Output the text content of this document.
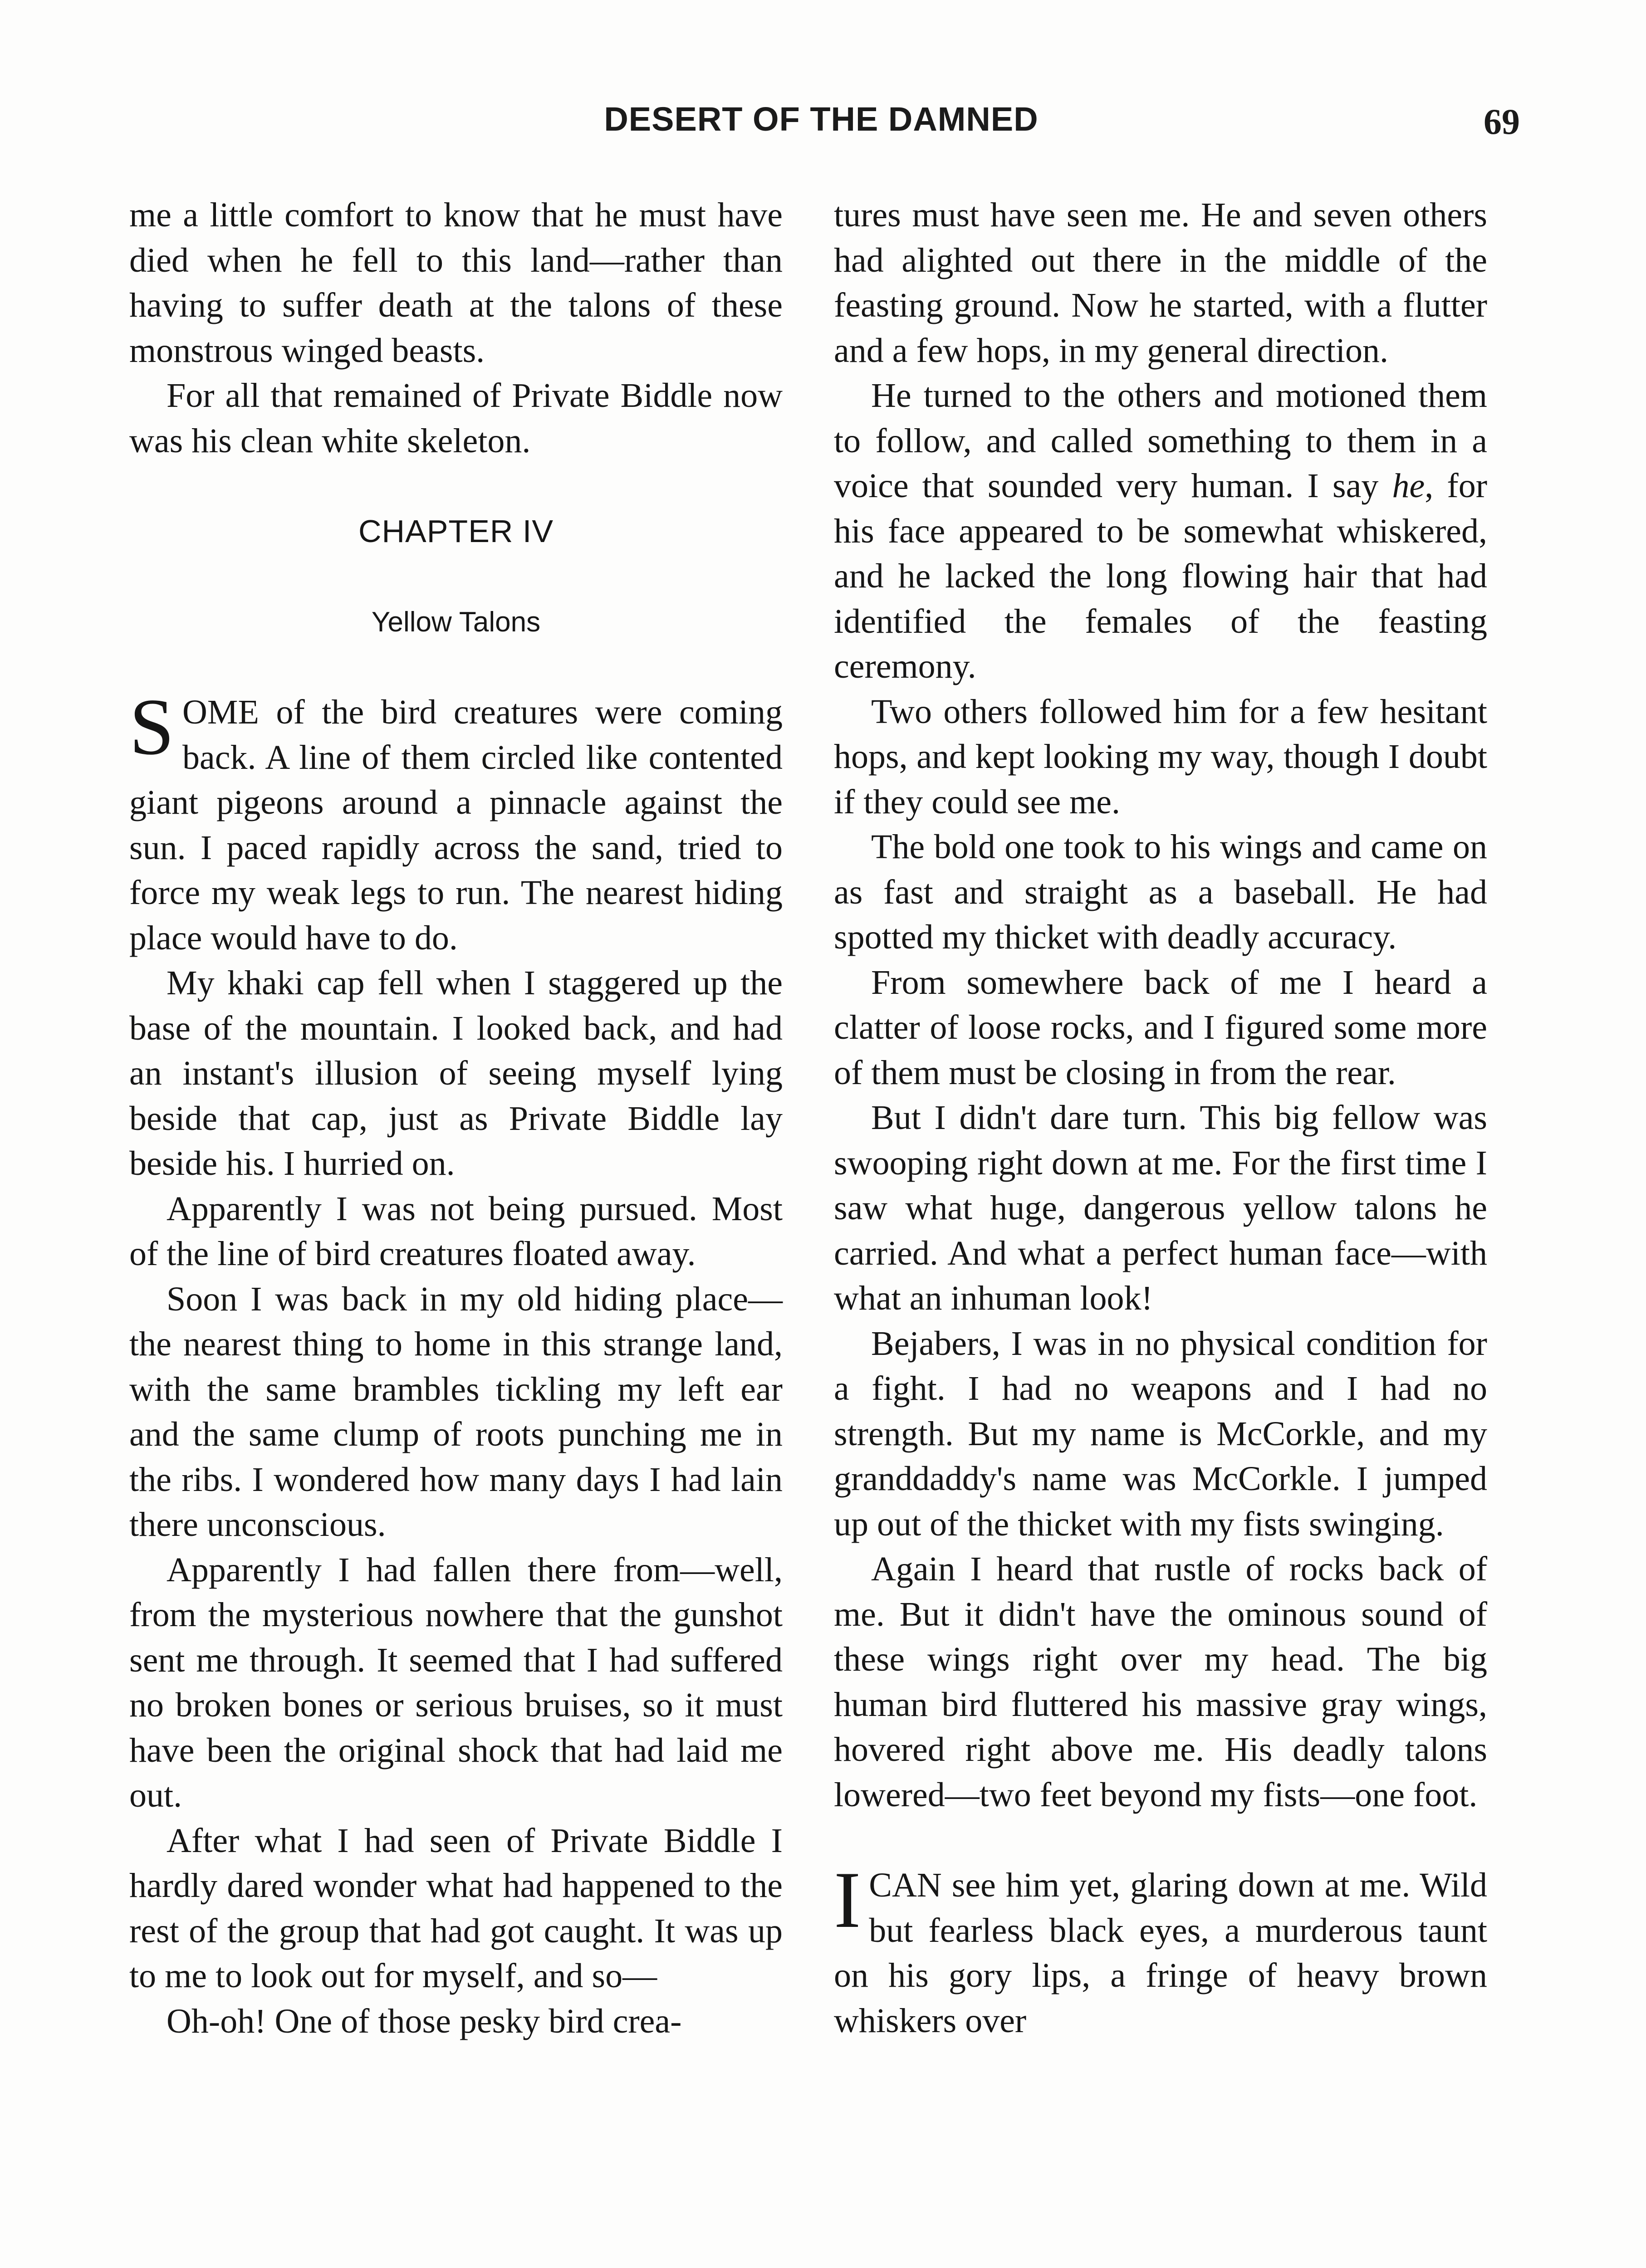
DESERT OF THE DAMNED	69

me a little comfort to know that he must have died when he fell to this land—rather than having to suffer death at the talons of these monstrous winged beasts.

For all that remained of Private Biddle now was his clean white skeleton.

CHAPTER IV
Yellow Talons

SOME of the bird creatures were coming back. A line of them circled like contented giant pigeons around a pinnacle against the sun. I paced rapidly across the sand, tried to force my weak legs to run. The nearest hiding place would have to do.

My khaki cap fell when I staggered up the base of the mountain. I looked back, and had an instant's illusion of seeing myself lying beside that cap, just as Private Biddle lay beside his. I hurried on.

Apparently I was not being pursued. Most of the line of bird creatures floated away.

Soon I was back in my old hiding place—the nearest thing to home in this strange land, with the same brambles tickling my left ear and the same clump of roots punching me in the ribs. I wondered how many days I had lain there unconscious.

Apparently I had fallen there from—well, from the mysterious nowhere that the gunshot sent me through. It seemed that I had suffered no broken bones or serious bruises, so it must have been the original shock that had laid me out.

After what I had seen of Private Biddle I hardly dared wonder what had happened to the rest of the group that had got caught. It was up to me to look out for myself, and so—

Oh-oh! One of those pesky bird crea-

tures must have seen me. He and seven others had alighted out there in the middle of the feasting ground. Now he started, with a flutter and a few hops, in my general direction.

He turned to the others and motioned them to follow, and called something to them in a voice that sounded very human. I say he, for his face appeared to be somewhat whiskered, and he lacked the long flowing hair that had identified the females of the feasting ceremony.

Two others followed him for a few hesitant hops, and kept looking my way, though I doubt if they could see me.

The bold one took to his wings and came on as fast and straight as a baseball. He had spotted my thicket with deadly accuracy.

From somewhere back of me I heard a clatter of loose rocks, and I figured some more of them must be closing in from the rear.

But I didn't dare turn. This big fellow was swooping right down at me. For the first time I saw what huge, dangerous yellow talons he carried. And what a perfect human face—with what an inhuman look!

Bejabers, I was in no physical condition for a fight. I had no weapons and I had no strength. But my name is McCorkle, and my granddaddy's name was McCorkle. I jumped up out of the thicket with my fists swinging.

Again I heard that rustle of rocks back of me. But it didn't have the ominous sound of these wings right over my head. The big human bird fluttered his massive gray wings, hovered right above me. His deadly talons lowered—two feet beyond my fists—one foot.

ICAN see him yet, glaring down at me. Wild but fearless black eyes, a murderous taunt on his gory lips, a fringe of heavy brown whiskers over
